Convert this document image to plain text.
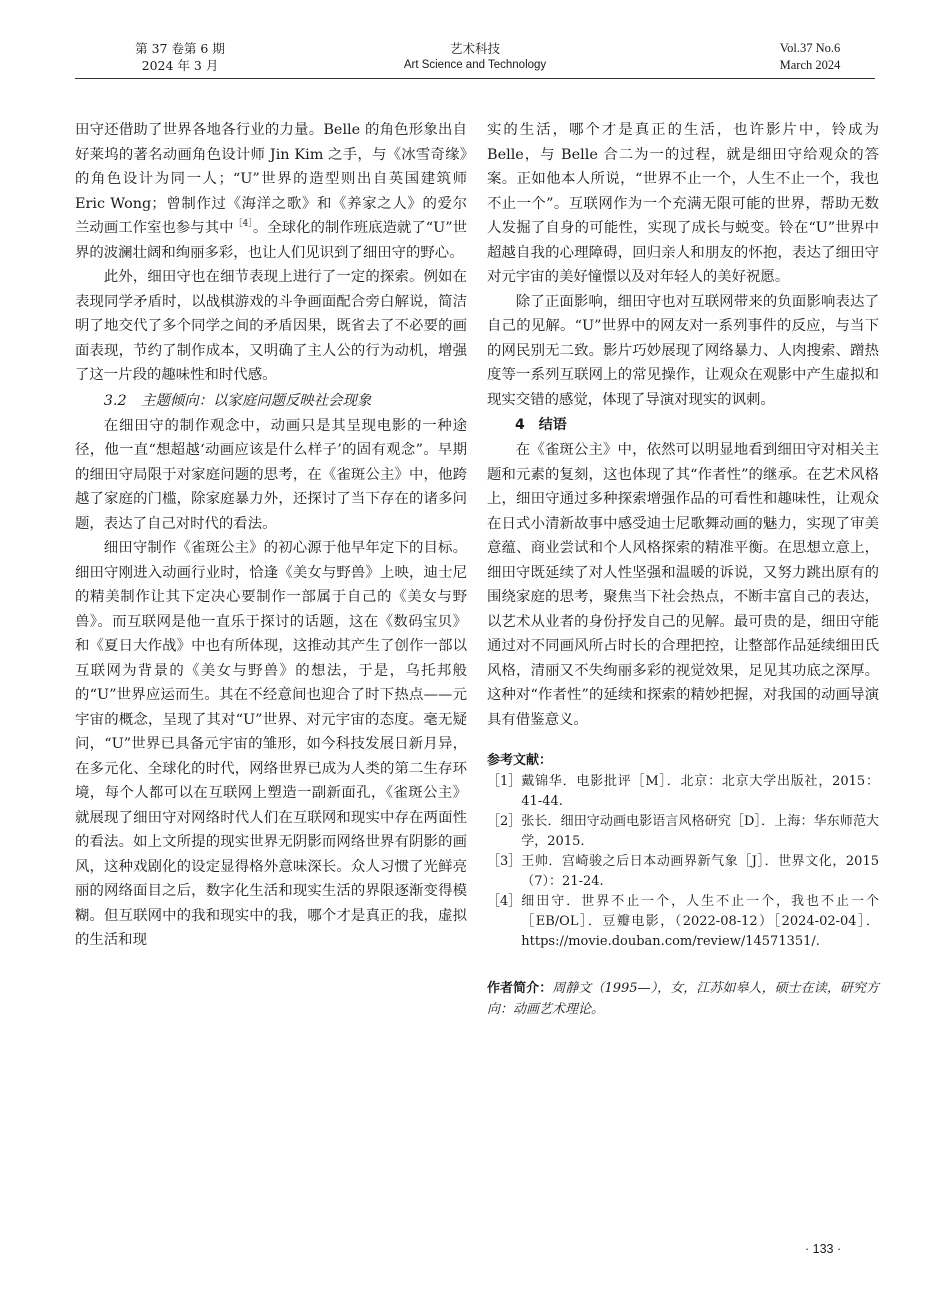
第 37 卷第 6 期
2024 年 3 月
艺术科技
Art Science and Technology
Vol.37 No.6
March 2024

田守还借助了世界各地各行业的力量。Belle 的角色形象出自好莱坞的著名动画角色设计师 Jin Kim 之手，与《冰雪奇缘》的角色设计为同一人；“U”世界的造型则出自英国建筑师 Eric Wong；曾制作过《海洋之歌》和《养家之人》的爱尔兰动画工作室也参与其中$^{[4]}$。全球化的制作班底造就了“U”世界的波澜壮阔和绚丽多彩，也让人们见识到了细田守的野心。

此外，细田守也在细节表现上进行了一定的探索。例如在表现同学矛盾时，以战棋游戏的斗争画面配合旁白解说，简洁明了地交代了多个同学之间的矛盾因果，既省去了不必要的画面表现，节约了制作成本，又明确了主人公的行为动机，增强了这一片段的趣味性和时代感。

3.2　主题倾向：以家庭问题反映社会现象

在细田守的制作观念中，动画只是其呈现电影的一种途径，他一直“想超越‘动画应该是什么样子’的固有观念”。早期的细田守局限于对家庭问题的思考，在《雀斑公主》中，他跨越了家庭的门槛，除家庭暴力外，还探讨了当下存在的诸多问题，表达了自己对时代的看法。

细田守制作《雀斑公主》的初心源于他早年定下的目标。细田守刚进入动画行业时，恰逢《美女与野兽》上映，迪士尼的精美制作让其下定决心要制作一部属于自己的《美女与野兽》。而互联网是他一直乐于探讨的话题，这在《数码宝贝》和《夏日大作战》中也有所体现，这推动其产生了创作一部以互联网为背景的《美女与野兽》的想法，于是，乌托邦般的“U”世界应运而生。其在不经意间也迎合了时下热点——元宇宙的概念，呈现了其对“U”世界、对元宇宙的态度。毫无疑问，“U”世界已具备元宇宙的雏形，如今科技发展日新月异，在多元化、全球化的时代，网络世界已成为人类的第二生存环境，每个人都可以在互联网上塑造一副新面孔，《雀斑公主》就展现了细田守对网络时代人们在互联网和现实中存在两面性的看法。如上文所提的现实世界无阴影而网络世界有阴影的画风，这种戏剧化的设定显得格外意味深长。众人习惯了光鲜亮丽的网络面目之后，数字化生活和现实生活的界限逐渐变得模糊。但互联网中的我和现实中的我，哪个才是真正的我，虚拟的生活和现

实的生活，哪个才是真正的生活，也许影片中，铃成为 Belle，与 Belle 合二为一的过程，就是细田守给观众的答案。正如他本人所说，“世界不止一个，人生不止一个，我也不止一个”。互联网作为一个充满无限可能的世界，帮助无数人发掘了自身的可能性，实现了成长与蜕变。铃在“U”世界中超越自我的心理障碍，回归亲人和朋友的怀抱，表达了细田守对元宇宙的美好憧憬以及对年轻人的美好祝愿。

除了正面影响，细田守也对互联网带来的负面影响表达了自己的见解。“U”世界中的网友对一系列事件的反应，与当下的网民别无二致。影片巧妙展现了网络暴力、人肉搜索、蹭热度等一系列互联网上的常见操作，让观众在观影中产生虚拟和现实交错的感觉，体现了导演对现实的讽刺。

4　结语

在《雀斑公主》中，依然可以明显地看到细田守对相关主题和元素的复刻，这也体现了其“作者性”的继承。在艺术风格上，细田守通过多种探索增强作品的可看性和趣味性，让观众在日式小清新故事中感受迪士尼歌舞动画的魅力，实现了审美意蕴、商业尝试和个人风格探索的精准平衡。在思想立意上，细田守既延续了对人性坚强和温暖的诉说，又努力跳出原有的围绕家庭的思考，聚焦当下社会热点，不断丰富自己的表达，以艺术从业者的身份抒发自己的见解。最可贵的是，细田守能通过对不同画风所占时长的合理把控，让整部作品延续细田氏风格，清丽又不失绚丽多彩的视觉效果，足见其功底之深厚。这种对“作者性”的延续和探索的精妙把握，对我国的动画导演具有借鉴意义。

参考文献：
［1］ 戴锦华．电影批评［M］．北京：北京大学出版社，2015：41-44.
［2］ 张长．细田守动画电影语言风格研究［D］．上海：华东师范大学，2015.
［3］ 王帅．宫崎骏之后日本动画界新气象［J］．世界文化，2015（7）：21-24.
［4］ 细田守．世界不止一个，人生不止一个，我也不止一个［EB/OL］．豆瓣电影，（2022-08-12）［2024-02-04］．https://movie.douban.com/review/14571351/.
作者简介：周静文（1995—），女，江苏如皋人，硕士在读，研究方向：动画艺术理论。
· 133 ·
